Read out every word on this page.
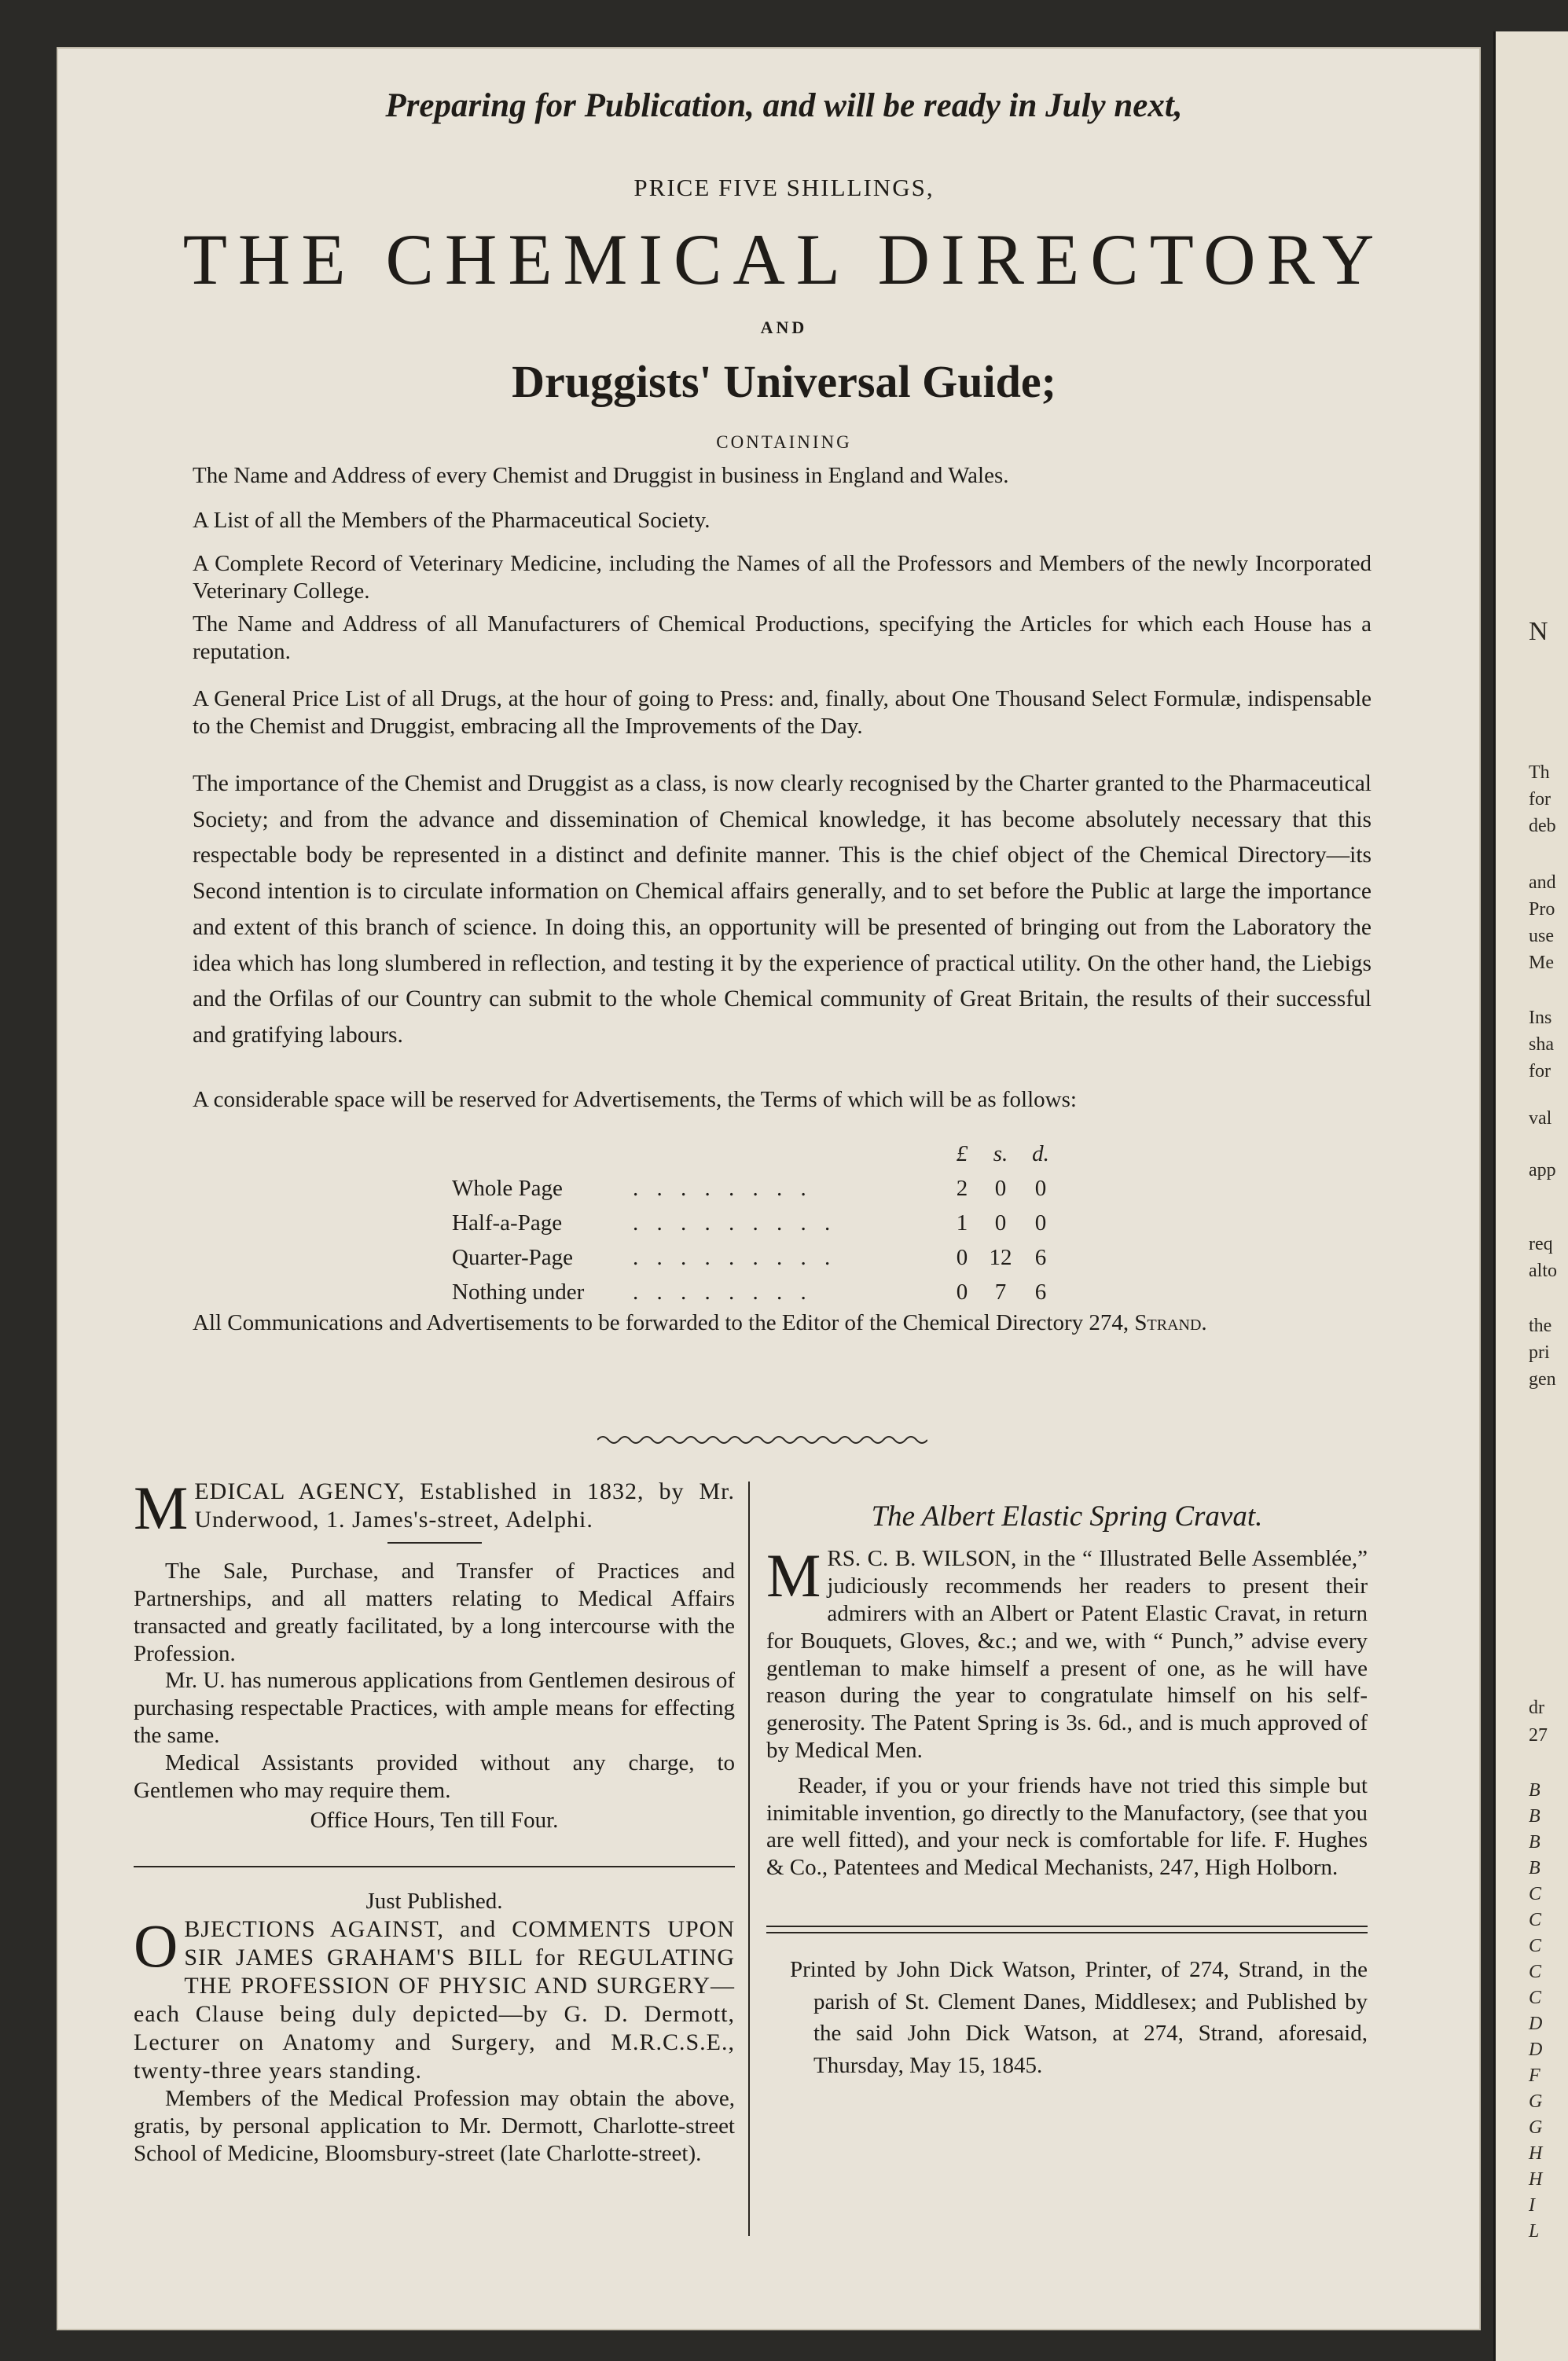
N
Th
for
deb
and
Pro
use
Me
Ins
sha
for
val
app
req
alto
the
pri
gen
dr
27
B
B
B
B
C
C
C
C
C
D
D
F
G
G
H
H
I
L
Preparing for Publication, and will be ready in July next,
PRICE FIVE SHILLINGS,
THE CHEMICAL DIRECTORY
AND
Druggists' Universal Guide;
CONTAINING
The Name and Address of every Chemist and Druggist in business in England and Wales.
A List of all the Members of the Pharmaceutical Society.
A Complete Record of Veterinary Medicine, including the Names of all the Professors and Members of the newly Incorporated Veterinary College.
The Name and Address of all Manufacturers of Chemical Productions, specifying the Articles for which each House has a reputation.
A General Price List of all Drugs, at the hour of going to Press: and, finally, about One Thousand Select Formulæ, indispensable to the Chemist and Druggist, embracing all the Improvements of the Day.
The importance of the Chemist and Druggist as a class, is now clearly recognised by the Charter granted to the Pharmaceutical Society; and from the advance and dissemination of Chemical knowledge, it has become absolutely necessary that this respectable body be represented in a distinct and definite manner. This is the chief object of the Chemical Directory—its Second intention is to circulate information on Chemical affairs generally, and to set before the Public at large the importance and extent of this branch of science. In doing this, an opportunity will be presented of bringing out from the Laboratory the idea which has long slumbered in reflection, and testing it by the experience of practical utility. On the other hand, the Liebigs and the Orfilas of our Country can submit to the whole Chemical community of Great Britain, the results of their successful and gratifying labours.
A considerable space will be reserved for Advertisements, the Terms of which will be as follows:
£	s.	d.
Whole Page	. . . . . . . .	2	0	0
Half-a-Page	. . . . . . . . .	1	0	0
Quarter-Page	. . . . . . . . .	0 12	6
Nothing under . . . . . . . .	0	7	6
All Communications and Advertisements to be forwarded to the Editor of the Chemical Directory 274, Strand.

MEDICAL AGENCY, Established in 1832, by Mr. Underwood, 1. James's-street, Adelphi.

The Sale, Purchase, and Transfer of Practices and Partnerships, and all matters relating to Medical Affairs transacted and greatly facilitated, by a long intercourse with the Profession.

Mr. U. has numerous applications from Gentlemen desirous of purchasing respectable Practices, with ample means for effecting the same.

Medical Assistants provided without any charge, to Gentlemen who may require them.

Office Hours, Ten till Four.

Just Published.

OBJECTIONS AGAINST, and COMMENTS UPON SIR JAMES GRAHAM'S BILL for REGULATING THE PROFESSION OF PHYSIC AND SURGERY—each Clause being duly depicted—by G. D. Dermott, Lecturer on Anatomy and Surgery, and M.R.C.S.E., twenty-three years standing.

Members of the Medical Profession may obtain the above, gratis, by personal application to Mr. Dermott, Charlotte-street School of Medicine, Bloomsbury-street (late Charlotte-street).

The Albert Elastic Spring Cravat.

MRS. C. B. WILSON, in the “ Illustrated Belle Assemblée,” judiciously recommends her readers to present their admirers with an Albert or Patent Elastic Cravat, in return for Bouquets, Gloves, &c.; and we, with “ Punch,” advise every gentleman to make himself a present of one, as he will have reason during the year to congratulate himself on his self-generosity. The Patent Spring is 3s. 6d., and is much approved of by Medical Men.

Reader, if you or your friends have not tried this simple but inimitable invention, go directly to the Manufactory, (see that you are well fitted), and your neck is comfortable for life. F. Hughes & Co., Patentees and Medical Mechanists, 247, High Holborn.

Printed by John Dick Watson, Printer, of 274, Strand, in the parish of St. Clement Danes, Middlesex; and Published by the said John Dick Watson, at 274, Strand, aforesaid, Thursday, May 15, 1845.
